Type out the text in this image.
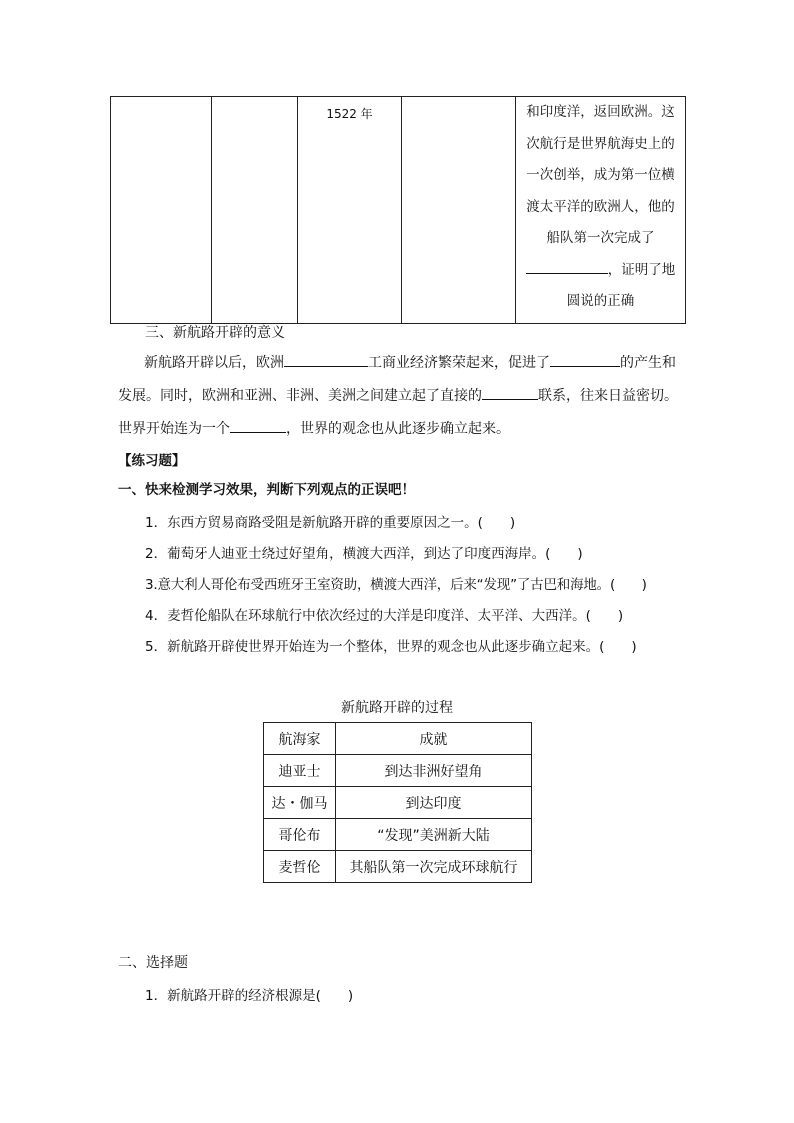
		1522 年		和印度洋，返回欧洲。这
次航行是世界航海史上的
一次创举，成为第一位横
渡太平洋的欧洲人，他的
船队第一次完成了
，证明了地
圆说的正确
三、新航路开辟的意义
新航路开辟以后，欧洲	工商业经济繁荣起来，促进了	的产生和
发展。同时，欧洲和亚洲、非洲、美洲之间建立起了直接的	联系，往来日益密切。
世界开始连为一个	，世界的观念也从此逐步确立起来。
【练习题】
一、快来检测学习效果，判断下列观点的正误吧！
1．东西方贸易商路受阻是新航路开辟的重要原因之一。(　　)
2．葡萄牙人迪亚士绕过好望角，横渡大西洋，到达了印度西海岸。(　　)
3.意大利人哥伦布受西班牙王室资助，横渡大西洋，后来“发现”了古巴和海地。(　　)
4．麦哲伦船队在环球航行中依次经过的大洋是印度洋、太平洋、大西洋。(　　)
5．新航路开辟使世界开始连为一个整体，世界的观念也从此逐步确立起来。(　　)
新航路开辟的过程
航海家	成就
迪亚士	到达非洲好望角
达・伽马	到达印度
哥伦布	“发现”美洲新大陆
麦哲伦	其船队第一次完成环球航行
二、选择题
1．新航路开辟的经济根源是(　　)
